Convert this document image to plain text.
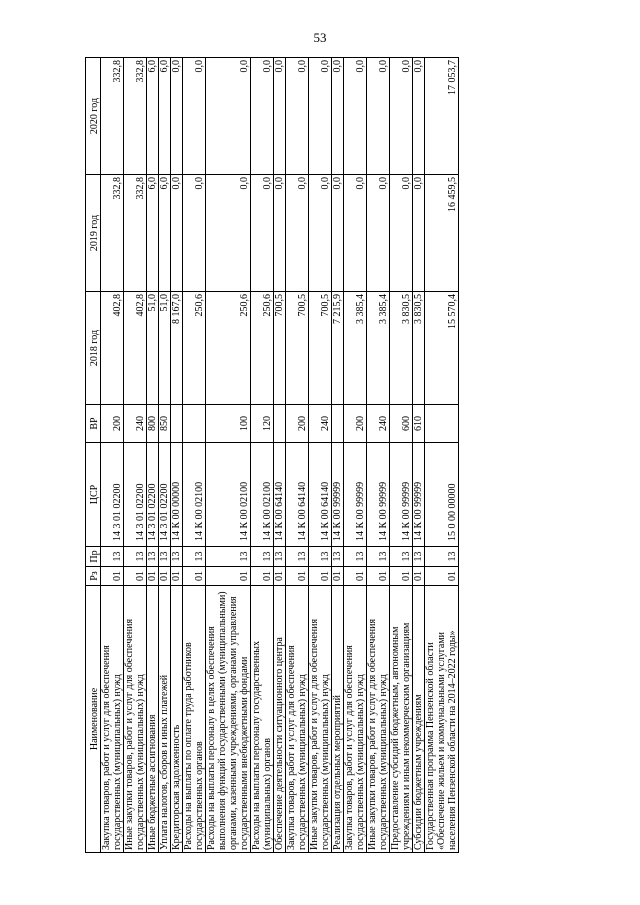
53
Наименование	Рз	Пр	ЦСР	ВР	2018 год	2019 год	2020 год
Закупка товаров, работ и услуг для обеспечения государственных (муниципальных) нужд	01	13	14 3 01 02200	200	402,8	332,8	332,8
Иные закупки товаров, работ и услуг для обеспечения государственных (муниципальных) нужд	01	13	14 3 01 02200	240	402,8	332,8	332,8
Иные бюджетные ассигнования	01	13	14 3 01 02200	800	51,0	6,0	6,0
Уплата налогов, сборов и иных платежей	01	13	14 3 01 02200	850	51,0	6,0	6,0
Кредиторская задолженность	01	13	14 К 00 00000		8 167,0	0,0	0,0
Расходы на выплаты по оплате труда работников государственных органов	01	13	14 К 00 02100		250,6	0,0	0,0
Расходы на выплаты персоналу в целях обеспечения выполнения функций государственными (муниципальными) органами, казенными учреждениями, органами управления государственными внебюджетными фондами	01	13	14 К 00 02100	100	250,6	0,0	0,0
Расходы на выплаты персоналу государственных (муниципальных) органов	01	13	14 К 00 02100	120	250,6	0,0	0,0
Обеспечение деятельности ситуационного центра	01	13	14 К 00 64140		700,5	0,0	0,0
Закупка товаров, работ и услуг для обеспечения государственных (муниципальных) нужд	01	13	14 К 00 64140	200	700,5	0,0	0,0
Иные закупки товаров, работ и услуг для обеспечения государственных (муниципальных) нужд	01	13	14 К 00 64140	240	700,5	0,0	0,0
Реализация отдельных мероприятий	01	13	14 К 00 99999		7 215,9	0,0	0,0
Закупка товаров, работ и услуг для обеспечения государственных (муниципальных) нужд	01	13	14 К 00 99999	200	3 385,4	0,0	0,0
Иные закупки товаров, работ и услуг для обеспечения государственных (муниципальных) нужд	01	13	14 К 00 99999	240	3 385,4	0,0	0,0
Предоставление субсидий бюджетным, автономным учреждениям и иным некоммерческим организациям	01	13	14 К 00 99999	600	3 830,5	0,0	0,0
Субсидии бюджетным учреждениям	01	13	14 К 00 99999	610	3 830,5	0,0	0,0
Государственная программа Пензенской области «Обеспечение жильем и коммунальными услугами населения Пензенской области на 2014–2022 годы»	01	13	15 0 00 00000		15 570,4	16 459,5	17 053,7
